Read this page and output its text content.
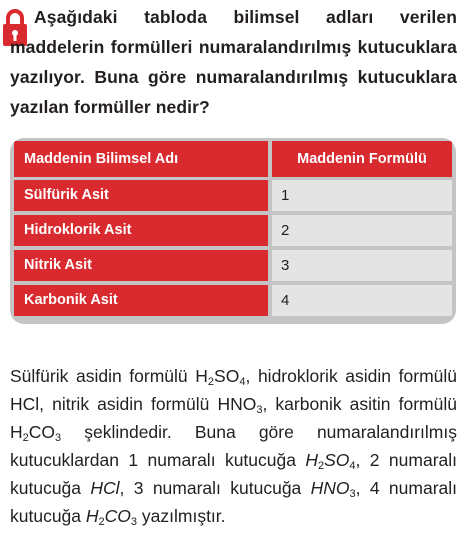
Aşağıdaki tabloda bilimsel adları verilen maddelerin formülleri numaralandırılmış kutucuklara yazılıyor. Buna göre numaralandırılmış kutucuklara yazılan formüller nedir?
Maddenin Bilimsel Adı	Maddenin Formülü
Sülfürik Asit	1
Hidroklorik Asit	2
Nitrik Asit	3
Karbonik Asit	4
Sülfürik asidin formülü $H_2SO_4$, hidroklorik asidin formülü HCl, nitrik asidin formülü $HNO_3$, karbonik asitin formülü $H_2CO_3$ şeklindedir. Buna göre numaralandırılmış kutucuklardan 1 numaralı kutucuğa $H_2SO_4$, 2 numaralı kutucuğa HCl, 3 numaralı kutucuğa $HNO_3$, 4 numaralı kutucuğa $H_2CO_3$ yazılmıştır.
